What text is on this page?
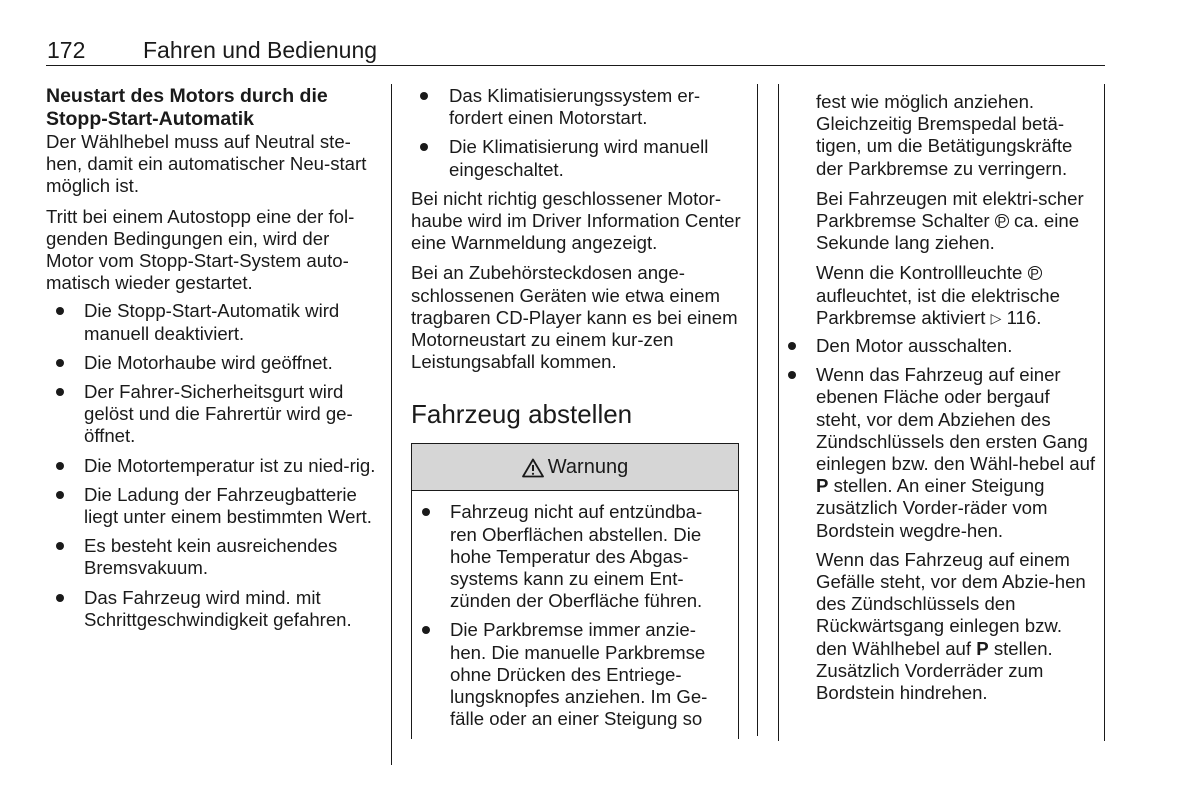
172	Fahren und Bedienung

Neustart des Motors durch die Stopp-Start-Automatik

Der Wählhebel muss auf Neutral ste-hen, damit ein automatischer Neu-start möglich ist.

Tritt bei einem Autostopp eine der fol-genden Bedingungen ein, wird der Motor vom Stopp-Start-System auto-matisch wieder gestartet.

Die Stopp-Start-Automatik wird manuell deaktiviert.
Die Motorhaube wird geöffnet.
Der Fahrer-Sicherheitsgurt wird gelöst und die Fahrertür wird ge-öffnet.
Die Motortemperatur ist zu nied-rig.
Die Ladung der Fahrzeugbatterie liegt unter einem bestimmten Wert.
Es besteht kein ausreichendes Bremsvakuum.
Das Fahrzeug wird mind. mit Schrittgeschwindigkeit gefahren.
Das Klimatisierungssystem er-fordert einen Motorstart.
Die Klimatisierung wird manuell eingeschaltet.

Bei nicht richtig geschlossener Motor-haube wird im Driver Information Center eine Warnmeldung angezeigt.

Bei an Zubehörsteckdosen ange-schlossenen Geräten wie etwa einem tragbaren CD-Player kann es bei einem Motorneustart zu einem kur-zen Leistungsabfall kommen.

Fahrzeug abstellen

Warnung
Fahrzeug nicht auf entzündba-ren Oberflächen abstellen. Die hohe Temperatur des Abgas-systems kann zu einem Ent-zünden der Oberfläche führen.
Die Parkbremse immer anzie-hen. Die manuelle Parkbremse ohne Drücken des Entriege-lungsknopfes anziehen. Im Ge-fälle oder an einer Steigung so

fest wie möglich anziehen. Gleichzeitig Bremspedal betä-tigen, um die Betätigungskräfte der Parkbremse zu verringern.

Bei Fahrzeugen mit elektri-scher Parkbremse Schalter P ca. eine Sekunde lang ziehen.

Wenn die Kontrollleuchte P aufleuchtet, ist die elektrische Parkbremse aktiviert ▷ 116.

Den Motor ausschalten.
Wenn das Fahrzeug auf einer ebenen Fläche oder bergauf steht, vor dem Abziehen des Zündschlüssels den ersten Gang einlegen bzw. den Wähl-hebel auf P stellen. An einer Steigung zusätzlich Vorder-räder vom Bordstein wegdre-hen.

Wenn das Fahrzeug auf einem Gefälle steht, vor dem Abzie-hen des Zündschlüssels den Rückwärtsgang einlegen bzw. den Wählhebel auf P stellen. Zusätzlich Vorderräder zum Bordstein hindrehen.
